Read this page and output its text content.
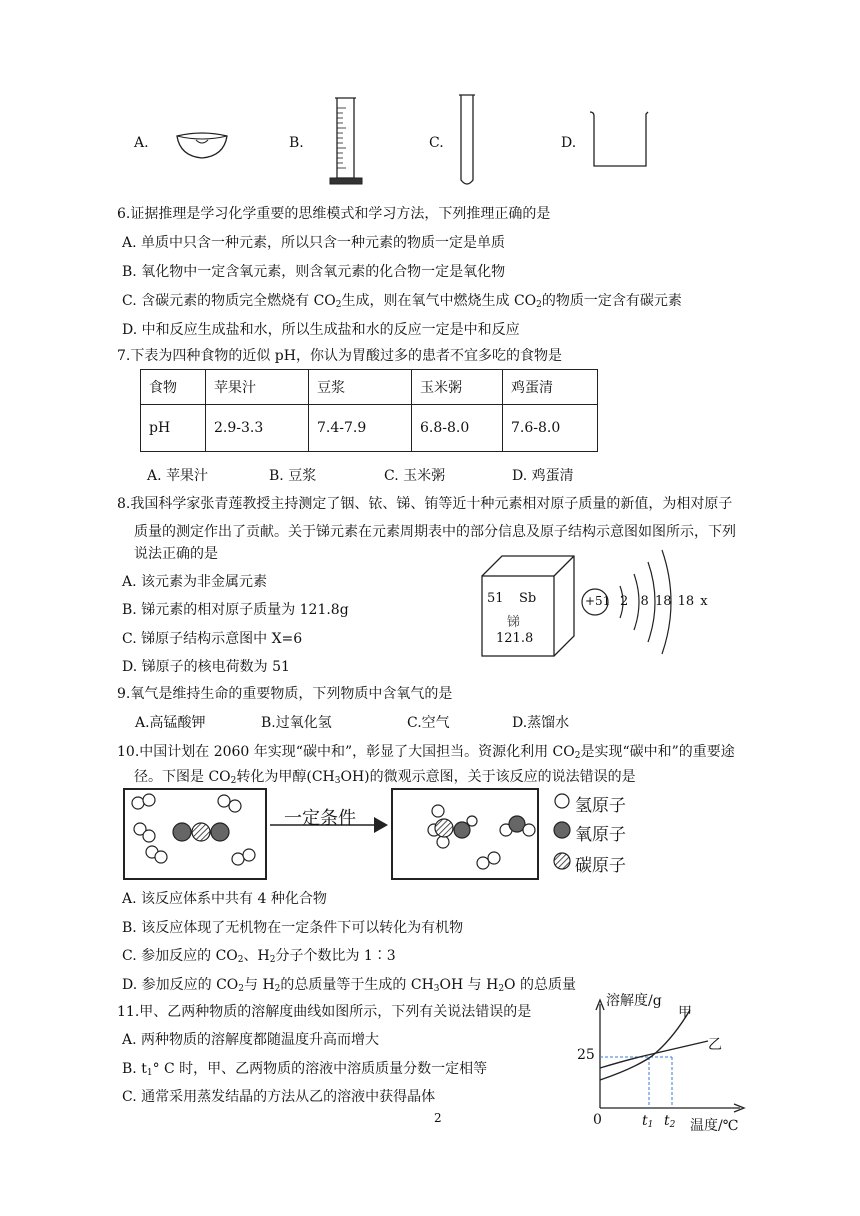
A.	B.	C.	D.
6.证据推理是学习化学重要的思维模式和学习方法，下列推理正确的是
A. 单质中只含一种元素，所以只含一种元素的物质一定是单质
B. 氧化物中一定含氧元素，则含氧元素的化合物一定是氧化物
C. 含碳元素的物质完全燃烧有 $CO_2$生成，则在氧气中燃烧生成 $CO_2$的物质一定含有碳元素
D. 中和反应生成盐和水，所以生成盐和水的反应一定是中和反应
7.下表为四种食物的近似 pH，你认为胃酸过多的患者不宜多吃的食物是
食物	苹果汁	豆浆	玉米粥	鸡蛋清
pH	2.9-3.3	7.4-7.9	6.8-8.0	7.6-8.0
A. 苹果汁	B. 豆浆	C. 玉米粥	D. 鸡蛋清
8.我国科学家张青莲教授主持测定了铟、铱、锑、铕等近十种元素相对原子质量的新值，为相对原子
质量的测定作出了贡献。关于锑元素在元素周期表中的部分信息及原子结构示意图如图所示，下列
说法正确的是
A. 该元素为非金属元素
B. 锑元素的相对原子质量为 121.8g
C. 锑原子结构示意图中 X=6
D. 锑原子的核电荷数为 51
51 Sb
锑
121.8
+51 2  8 18 18 x
9.氧气是维持生命的重要物质，下列物质中含氧气的是
A.高锰酸钾	B.过氧化氢	C.空气	D.蒸馏水
10.中国计划在 2060 年实现“碳中和”，彰显了大国担当。资源化利用 $CO_2$是实现“碳中和”的重要途
径。下图是 $CO_2$转化为甲醇$(CH_3OH)$的微观示意图，关于该反应的说法错误的是
一定条件
氢原子
氧原子
碳原子
A. 该反应体系中共有 4 种化合物
B. 该反应体现了无机物在一定条件下可以转化为有机物
C. 参加反应的 $CO_2$、$H_2$分子个数比为 1∶3
D. 参加反应的 $CO_2$与 $H_2$的总质量等于生成的 $CH_3OH$ 与 $H_2O$ 的总质量
11.甲、乙两种物质的溶解度曲线如图所示，下列有关说法错误的是
A. 两种物质的溶解度都随温度升高而增大
B. $t_1^\circ$ C 时，甲、乙两物质的溶液中溶质质量分数一定相等
C. 通常采用蒸发结晶的方法从乙的溶液中获得晶体
溶解度/g
甲
乙
25
0	$t_1$ $t_2$ 温度/℃
2
